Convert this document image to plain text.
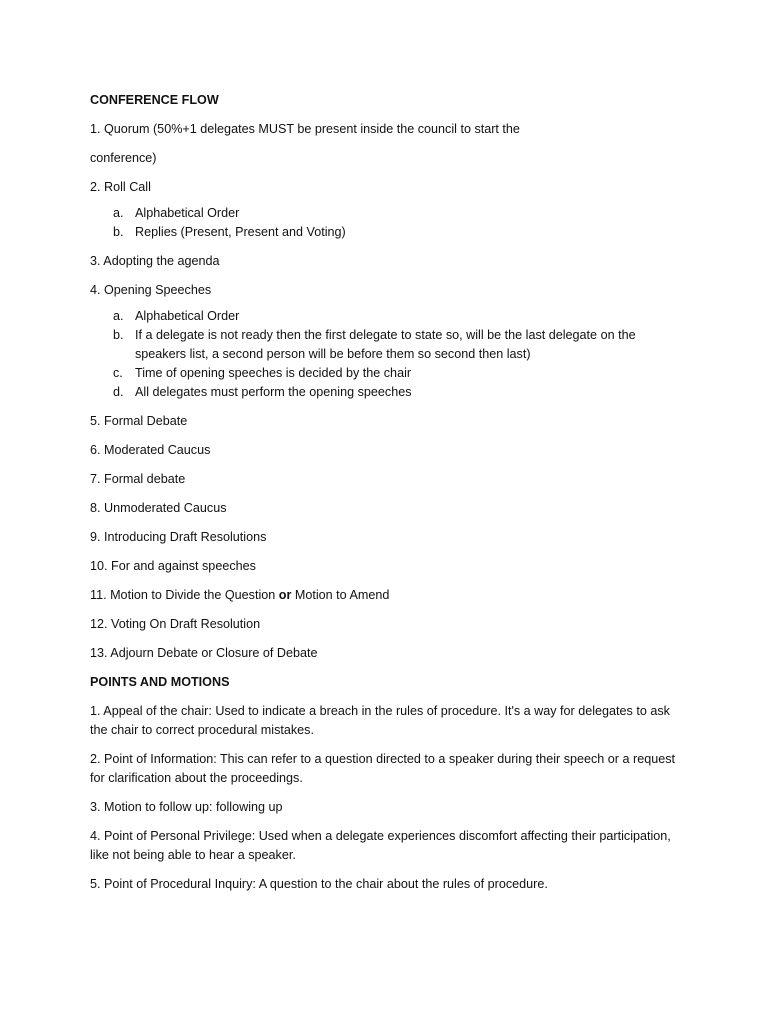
CONFERENCE FLOW

1. Quorum (50%+1 delegates MUST be present inside the council to start the

conference)

2. Roll Call

a. Alphabetical Order
b. Replies (Present, Present and Voting)

3. Adopting the agenda

4. Opening Speeches

a. Alphabetical Order
b. If a delegate is not ready then the first delegate to state so, will be the last delegate on the speakers list, a second person will be before them so second then last)
c. Time of opening speeches is decided by the chair
d. All delegates must perform the opening speeches

5. Formal Debate

6. Moderated Caucus

7. Formal debate

8. Unmoderated Caucus

9. Introducing Draft Resolutions

10. For and against speeches

11. Motion to Divide the Question or Motion to Amend

12. Voting On Draft Resolution

13. Adjourn Debate or Closure of Debate

POINTS AND MOTIONS

1. Appeal of the chair: Used to indicate a breach in the rules of procedure. It's a way for delegates to ask the chair to correct procedural mistakes.

2. Point of Information: This can refer to a question directed to a speaker during their speech or a request for clarification about the proceedings.

3. Motion to follow up: following up

4. Point of Personal Privilege: Used when a delegate experiences discomfort affecting their participation, like not being able to hear a speaker.

5. Point of Procedural Inquiry: A question to the chair about the rules of procedure.
